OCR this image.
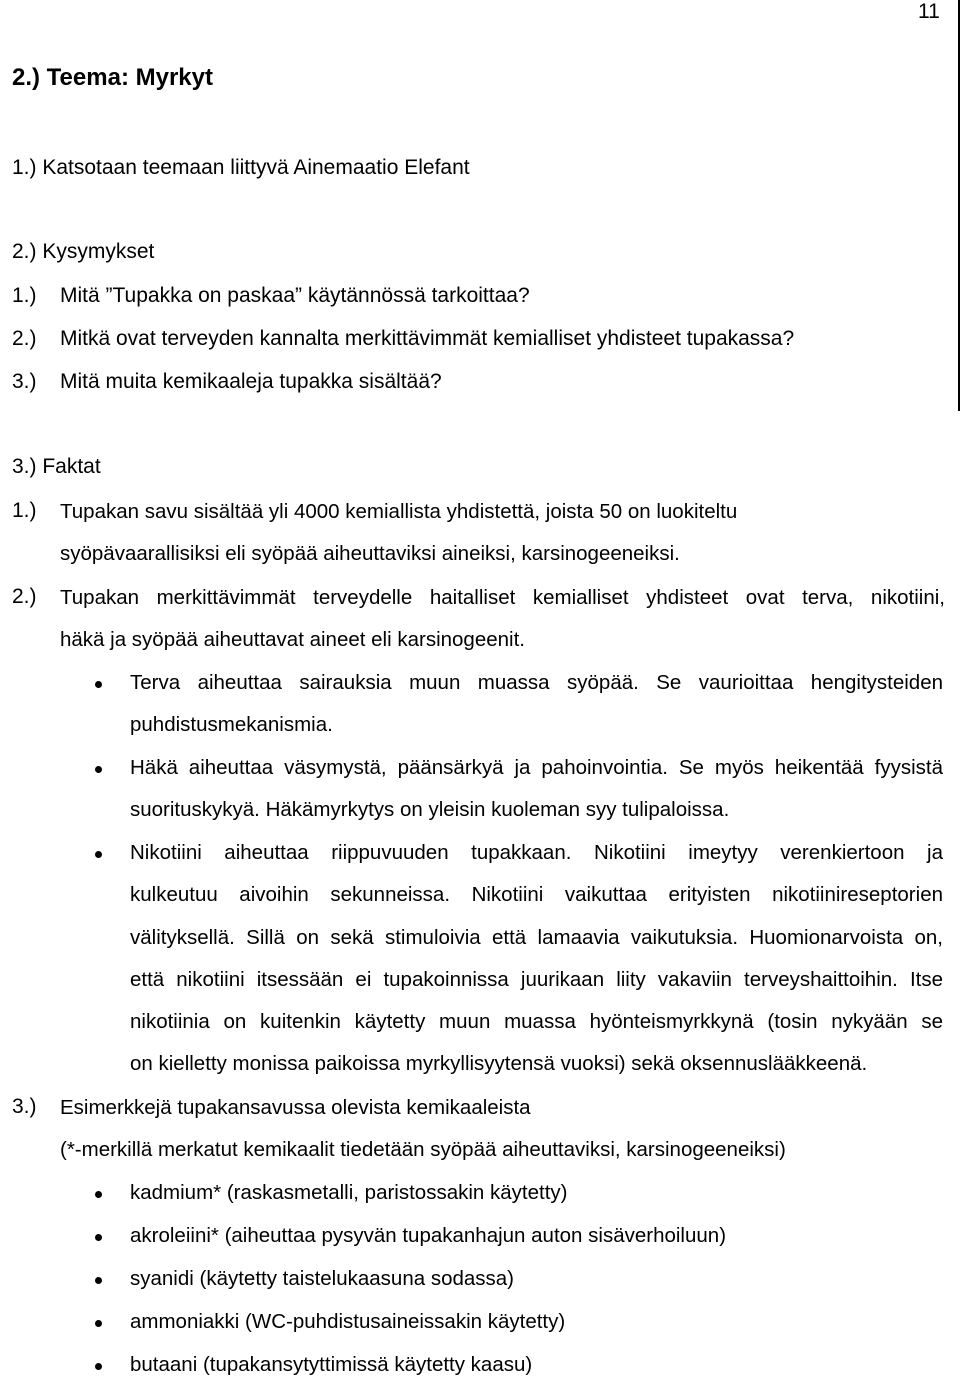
11
2.) Teema: Myrkyt
1.) Katsotaan teemaan liittyvä Ainemaatio Elefant
2.) Kysymykset
1.) Mitä ”Tupakka on paskaa” käytännössä tarkoittaa?
2.) Mitkä ovat terveyden kannalta merkittävimmät kemialliset yhdisteet tupakassa?
3.) Mitä muita kemikaaleja tupakka sisältää?
3.) Faktat
1.) Tupakan savu sisältää yli 4000 kemiallista yhdistettä, joista 50 on luokiteltu
syöpävaarallisiksi eli syöpää aiheuttaviksi aineiksi, karsinogeeneiksi.
2.) Tupakan merkittävimmät terveydelle haitalliset kemialliset yhdisteet ovat terva, nikotiini,
häkä ja syöpää aiheuttavat aineet eli karsinogeenit.
Terva aiheuttaa sairauksia muun muassa syöpää. Se vaurioittaa hengitysteiden
puhdistusmekanismia.
Häkä aiheuttaa väsymystä, päänsärkyä ja pahoinvointia. Se myös heikentää fyysistä
suorituskykyä. Häkämyrkytys on yleisin kuoleman syy tulipaloissa.
Nikotiini aiheuttaa riippuvuuden tupakkaan. Nikotiini imeytyy verenkiertoon ja
kulkeutuu aivoihin sekunneissa. Nikotiini vaikuttaa erityisten nikotiinireseptorien
välityksellä. Sillä on sekä stimuloivia että lamaavia vaikutuksia. Huomionarvoista on,
että nikotiini itsessään ei tupakoinnissa juurikaan liity vakaviin terveyshaittoihin. Itse
nikotiinia on kuitenkin käytetty muun muassa hyönteismyrkkynä (tosin nykyään se
on kielletty monissa paikoissa myrkyllisyytensä vuoksi) sekä oksennuslääkkeenä.
3.) Esimerkkejä tupakansavussa olevista kemikaaleista
(*-merkillä merkatut kemikaalit tiedetään syöpää aiheuttaviksi, karsinogeeneiksi)
kadmium* (raskasmetalli, paristossakin käytetty)
akroleiini* (aiheuttaa pysyvän tupakanhajun auton sisäverhoiluun)
syanidi (käytetty taistelukaasuna sodassa)
ammoniakki (WC-puhdistusaineissakin käytetty)
butaani (tupakansytyttimissä käytetty kaasu)
